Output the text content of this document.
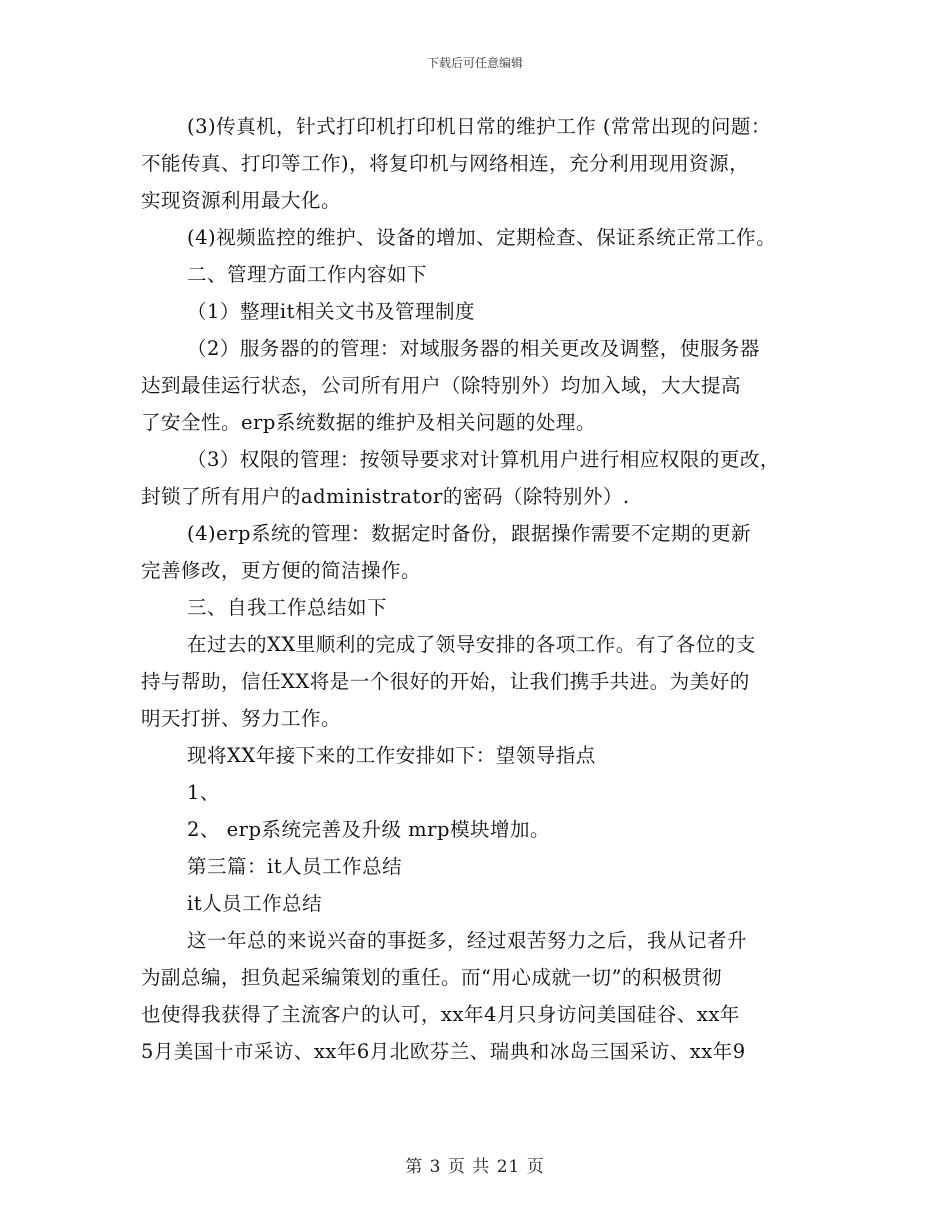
下载后可任意编辑
(3)传真机，针式打印机打印机日常的维护工作 (常常出现的问题：
不能传真、打印等工作)，将复印机与网络相连，充分利用现用资源，
实现资源利用最大化。
(4)视频监控的维护、设备的增加、定期检查、保证系统正常工作。
二、管理方面工作内容如下
（1）整理it相关文书及管理制度
（2）服务器的的管理：对域服务器的相关更改及调整，使服务器
达到最佳运行状态，公司所有用户（除特别外）均加入域，大大提高
了安全性。erp系统数据的维护及相关问题的处理。
（3）权限的管理：按领导要求对计算机用户进行相应权限的更改，
封锁了所有用户的administrator的密码（除特别外）.
(4)erp系统的管理：数据定时备份，跟据操作需要不定期的更新
完善修改，更方便的简洁操作。
三、自我工作总结如下
在过去的XX里顺利的完成了领导安排的各项工作。有了各位的支
持与帮助，信任XX将是一个很好的开始，让我们携手共进。为美好的
明天打拼、努力工作。
现将XX年接下来的工作安排如下：望领导指点
1、
2、 erp系统完善及升级 mrp模块增加。
第三篇：it人员工作总结
it人员工作总结
这一年总的来说兴奋的事挺多，经过艰苦努力之后，我从记者升
为副总编，担负起采编策划的重任。而“用心成就一切”的积极贯彻
也使得我获得了主流客户的认可，xx年4月只身访问美国硅谷、xx年
5月美国十市采访、xx年6月北欧芬兰、瑞典和冰岛三国采访、xx年9
第 3 页 共 21 页
